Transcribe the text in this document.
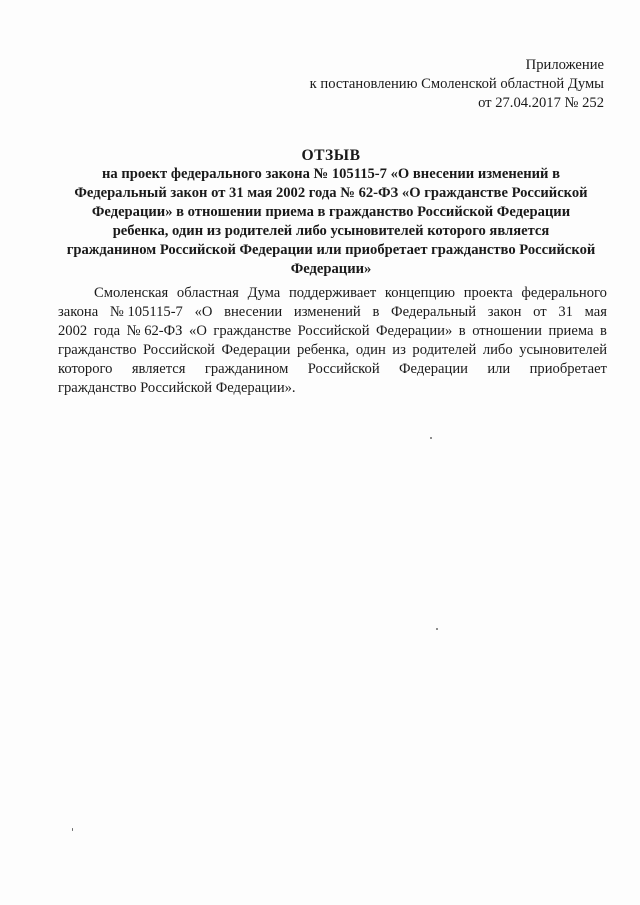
Приложение
к постановлению Смоленской областной Думы
от 27.04.2017 № 252
ОТЗЫВ
на проект федерального закона № 105115-7 «О внесении изменений в
Федеральный закон от 31 мая 2002 года № 62-ФЗ «О гражданстве Российской
Федерации» в отношении приема в гражданство Российской Федерации
ребенка, один из родителей либо усыновителей которого является
гражданином Российской Федерации или приобретает гражданство Российской
Федерации»
Смоленская областная Дума поддерживает концепцию проекта федерального
закона № 105115-7 «О внесении изменений в Федеральный закон от 31 мая
2002 года № 62-ФЗ «О гражданстве Российской Федерации» в отношении приема в
гражданство Российской Федерации ребенка, один из родителей либо усыновителей
которого является гражданином Российской Федерации или приобретает
гражданство Российской Федерации».
